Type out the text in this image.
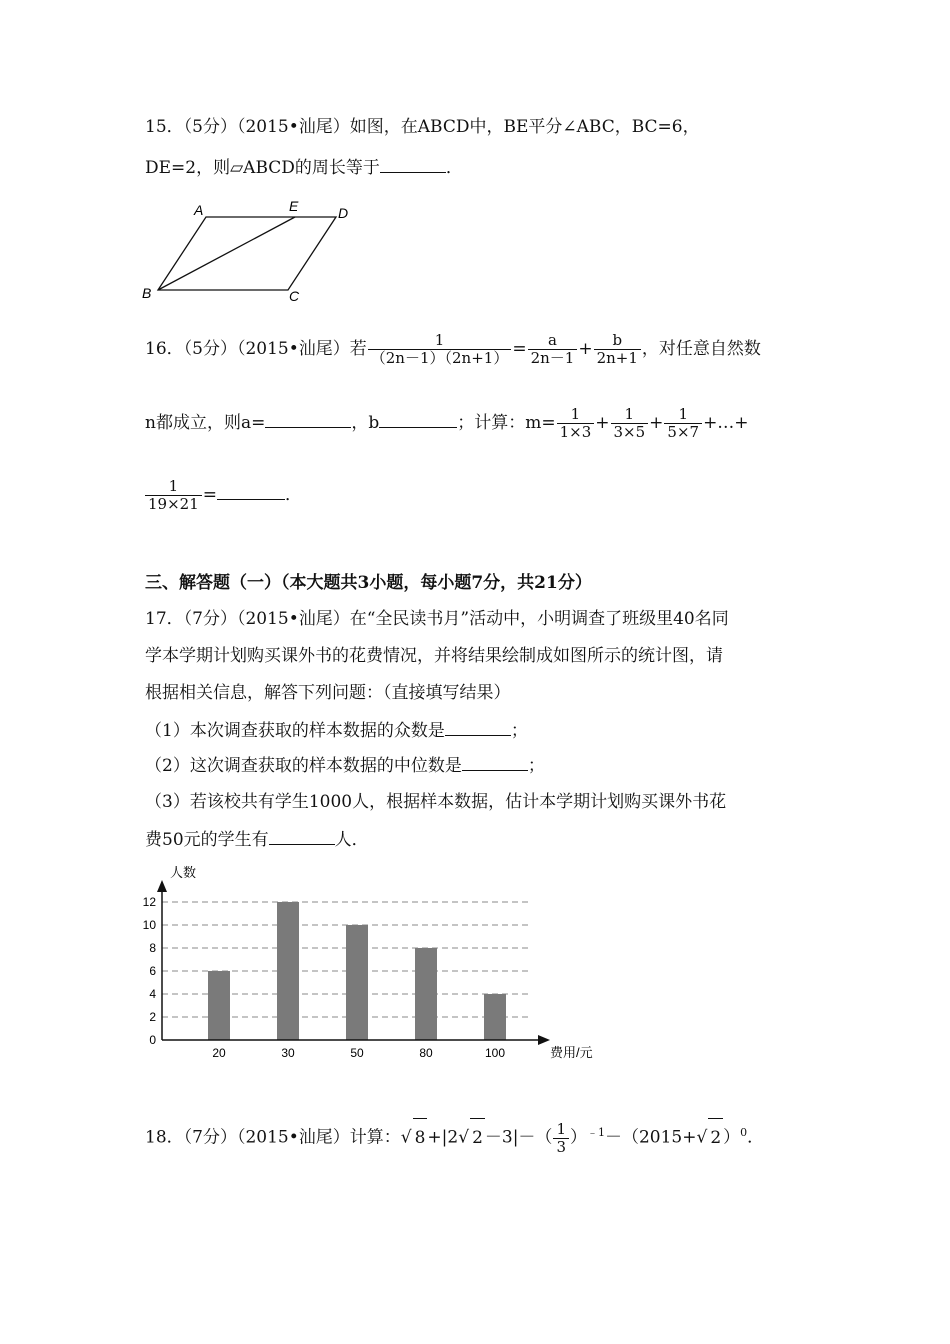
15．（5分）（2015•汕尾）如图，在ABCD中，BE平分∠ABC，BC=6，
DE=2，则▱ABCD的周长等于	．
A	E	D
B	C
16．（5分）（2015•汕尾）若 $\frac{1}{(2n-1)(2n+1)} = \frac{a}{2n-1} + \frac{b}{2n+1}$ ，对任意自然数
n都成立，则a=	，b	；计算：$m= \frac{1}{1\times 3} + \frac{1}{3\times 5} + \frac{1}{5\times 7}$ +…+
$\frac{1}{19\times 21}$ =	．
三、解答题（一）（本大题共3小题，每小题7分，共21分）
17．（7分）（2015•汕尾）在“全民读书月”活动中，小明调查了班级里40名同
学本学期计划购买课外书的花费情况，并将结果绘制成如图所示的统计图，请
根据相关信息，解答下列问题：（直接填写结果）
（1）本次调查获取的样本数据的众数是	；
（2）这次调查获取的样本数据的中位数是	；
（3）若该校共有学生1000人，根据样本数据，估计本学期计划购买课外书花
费50元的学生有	人．
0
2
4
6
8
10
12
20	30	50	80	100
人数
费用/元
18．（7分）（2015•汕尾）计算：√ 8 +|2√ $2 -3|-( \frac{1}{3} )^{﹣1}-(2015+√$ 2 ）$^0$．
